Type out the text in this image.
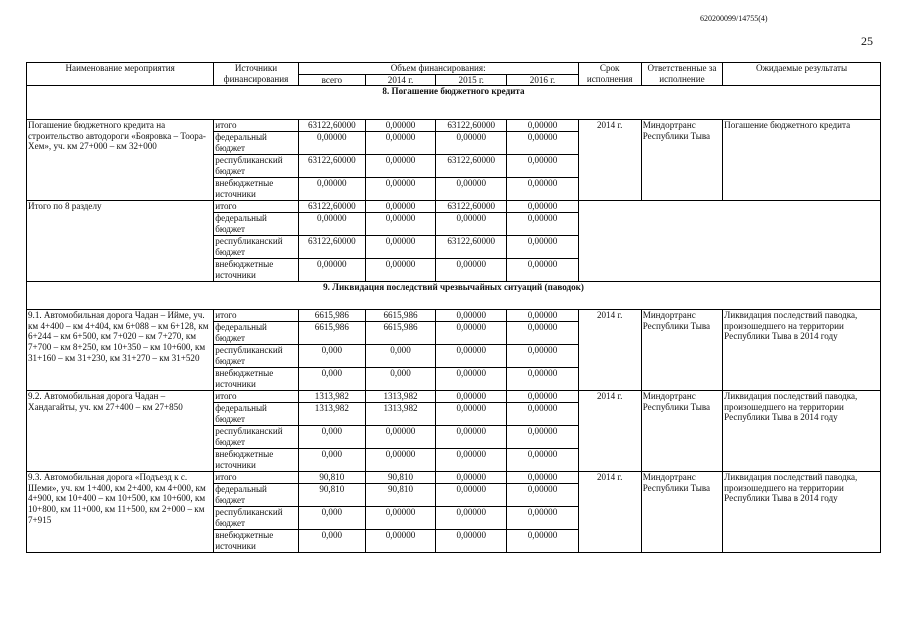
620200099/14755(4)
25
Наименование мероприятия	Источники финансирования	Объем финансирования:				Срок исполнения	Ответственные за исполнение	Ожидаемые результаты
		всего	2014 г.	2015 г.	2016 г.			
8. Погашение бюджетного кредита								
Погашение бюджетного кредита на строительство автодороги «Бояровка – Тоора-Хем», уч. км 27+000 – км 32+000	итого	63122,60000	0,00000	63122,60000	0,00000	2014 г.	Миндортранс Республики Тыва	Погашение бюджетного кредита
	федеральный бюджет	0,00000	0,00000	0,00000	0,00000			
	республиканский бюджет	63122,60000	0,00000	63122,60000	0,00000			
	внебюджетные источники	0,00000	0,00000	0,00000	0,00000			
Итого по 8 разделу	итого	63122,60000	0,00000	63122,60000	0,00000			
	федеральный бюджет	0,00000	0,00000	0,00000	0,00000			
	республиканский бюджет	63122,60000	0,00000	63122,60000	0,00000			
	внебюджетные источники	0,00000	0,00000	0,00000	0,00000			
9. Ликвидация последствий чрезвычайных ситуаций (паводок)								
9.1. Автомобильная дорога Чадан – Ийме, уч. км 4+400 – км 4+404, км 6+088 – км 6+128, км 6+244 – км 6+500, км 7+020 – км 7+270, км 7+700 – км 8+250, км 10+350 – км 10+600, км 31+160 – км 31+230, км 31+270 – км 31+520	итого	6615,986	6615,986	0,00000	0,00000	2014 г.	Миндортранс Республики Тыва	Ликвидация последствий паводка, произошедшего на территории Республики Тыва в 2014 году
	федеральный бюджет	6615,986	6615,986	0,00000	0,00000			
	республиканский бюджет	0,000	0,000	0,00000	0,00000			
	внебюджетные источники	0,000	0,000	0,00000	0,00000			
9.2. Автомобильная дорога Чадан – Хандагайты, уч. км 27+400 – км 27+850	итого	1313,982	1313,982	0,00000	0,00000	2014 г.	Миндортранс Республики Тыва	Ликвидация последствий паводка, произошедшего на территории Республики Тыва в 2014 году
	федеральный бюджет	1313,982	1313,982	0,00000	0,00000			
	республиканский бюджет	0,000	0,00000	0,00000	0,00000			
	внебюджетные источники	0,000	0,00000	0,00000	0,00000			
9.3. Автомобильная дорога «Подъезд к с. Шеми», уч. км 1+400, км 2+400, км 4+000, км 4+900, км 10+400 – км 10+500, км 10+600, км 10+800, км 11+000, км 11+500, км 2+000 – км 7+915	итого	90,810	90,810	0,00000	0,00000	2014 г.	Миндортранс Республики Тыва	Ликвидация последствий паводка, произошедшего на территории Республики Тыва в 2014 году
	федеральный бюджет	90,810	90,810	0,00000	0,00000			
	республиканский бюджет	0,000	0,00000	0,00000	0,00000			
	внебюджетные источники	0,000	0,00000	0,00000	0,00000			
